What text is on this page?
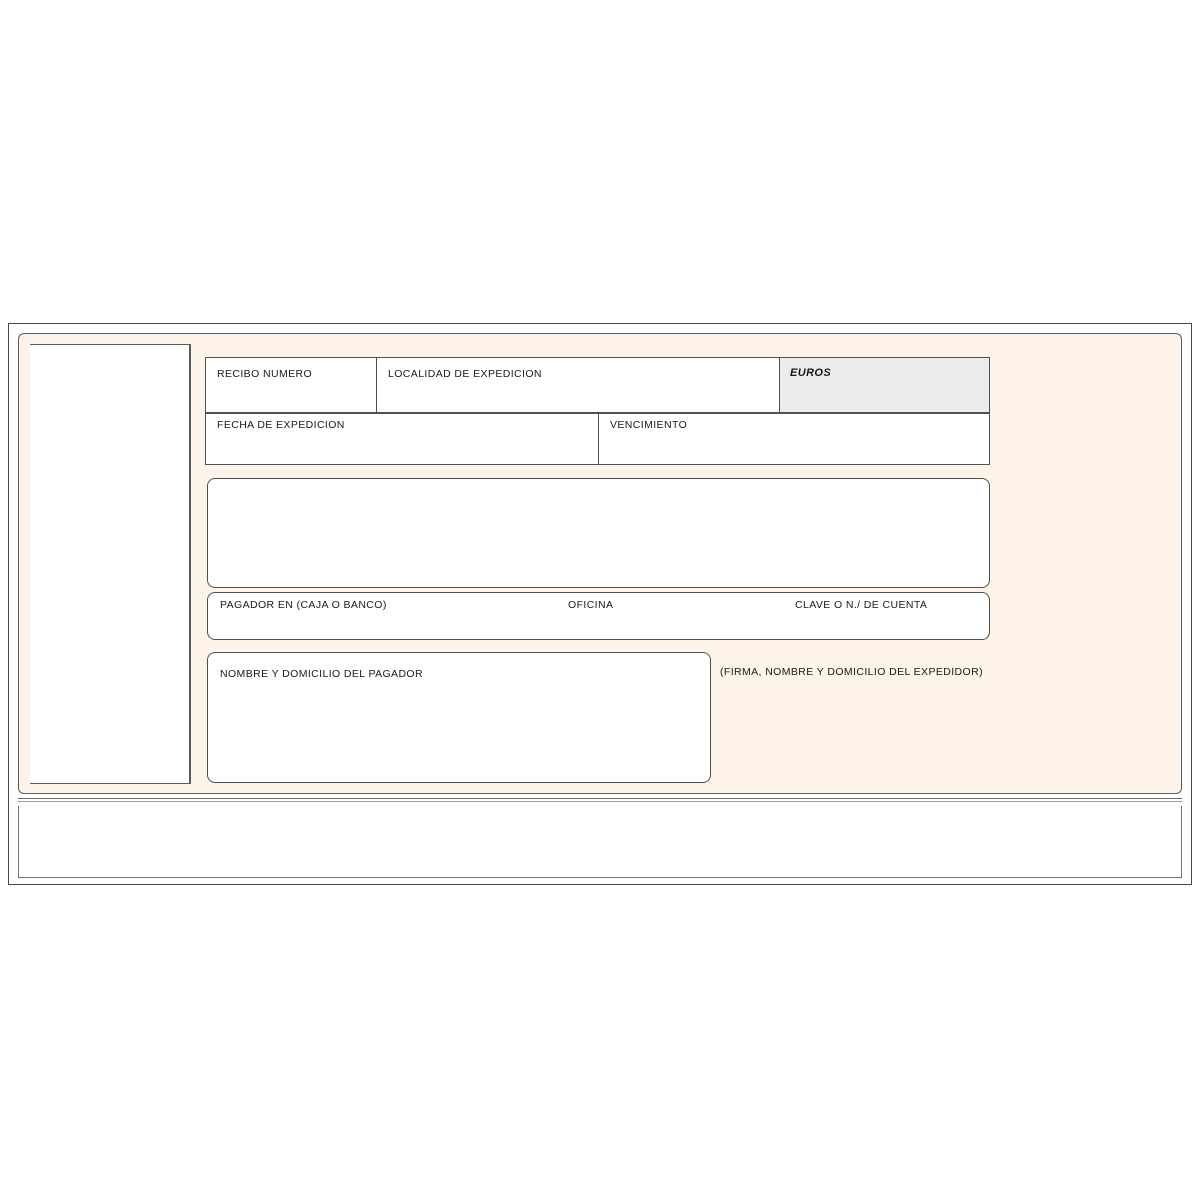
RECIBO NUMERO	LOCALIDAD DE EXPEDICION	EUROS
FECHA DE EXPEDICION	VENCIMIENTO
PAGADOR EN (CAJA O BANCO)	OFICINA	CLAVE O N./ DE CUENTA
NOMBRE Y DOMICILIO DEL PAGADOR	(FIRMA, NOMBRE Y DOMICILIO DEL EXPEDIDOR)
